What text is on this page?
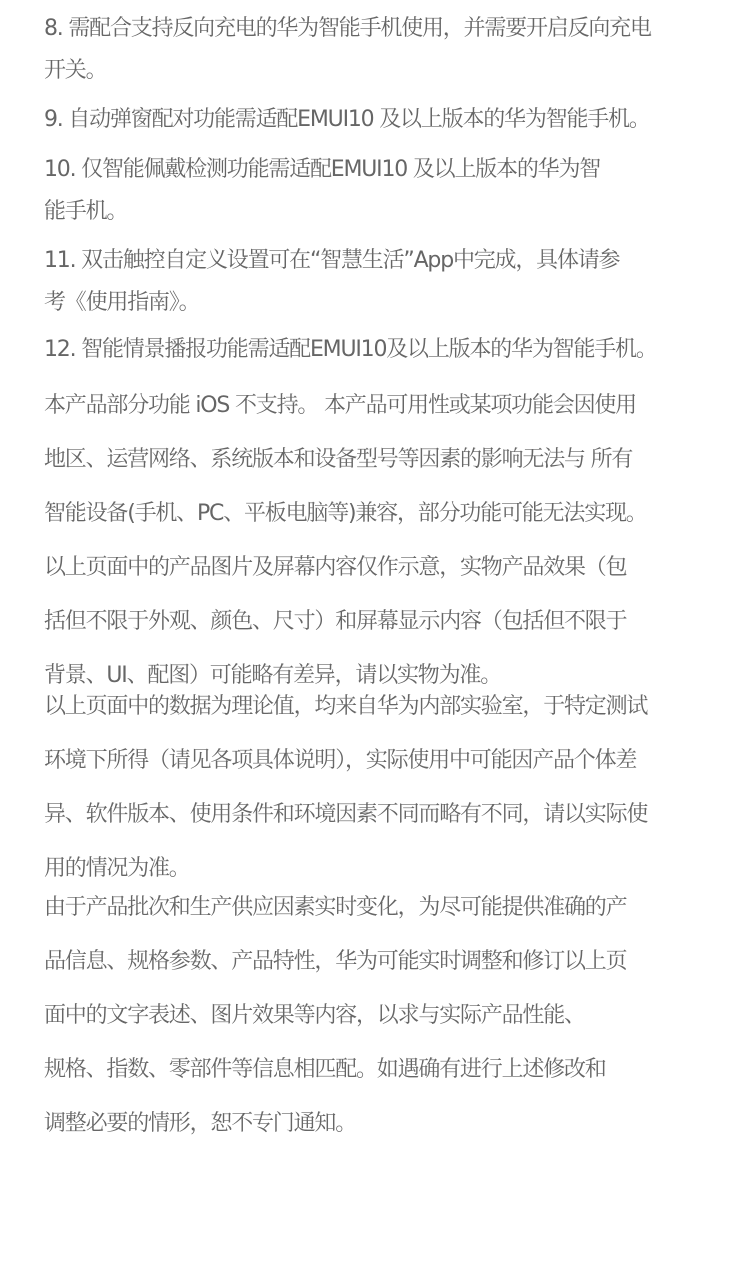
8. 需配合支持反向充电的华为智能手机使用，并需要开启反向充电
开关。
9. 自动弹窗配对功能需适配EMUI10 及以上版本的华为智能手机。
10. 仅智能佩戴检测功能需适配EMUI10 及以上版本的华为智
能手机。
11. 双击触控自定义设置可在“智慧生活”App中完成，具体请参
考《使用指南》。
12. 智能情景播报功能需适配EMUI10及以上版本的华为智能手机。
本产品部分功能 iOS 不支持。 本产品可用性或某项功能会因使用
地区、运营网络、系统版本和设备型号等因素的影响无法与 所有
智能设备(手机、PC、平板电脑等)兼容，部分功能可能无法实现。
以上页面中的产品图片及屏幕内容仅作示意，实物产品效果（包
括但不限于外观、颜色、尺寸）和屏幕显示内容（包括但不限于
背景、UI、配图）可能略有差异，请以实物为准。
以上页面中的数据为理论值，均来自华为内部实验室，于特定测试
环境下所得（请见各项具体说明），实际使用中可能因产品个体差
异、软件版本、使用条件和环境因素不同而略有不同，请以实际使
用的情况为准。
由于产品批次和生产供应因素实时变化，为尽可能提供准确的产
品信息、规格参数、产品特性，华为可能实时调整和修订以上页
面中的文字表述、图片效果等内容，以求与实际产品性能、
规格、指数、零部件等信息相匹配。如遇确有进行上述修改和
调整必要的情形，恕不专门通知。
